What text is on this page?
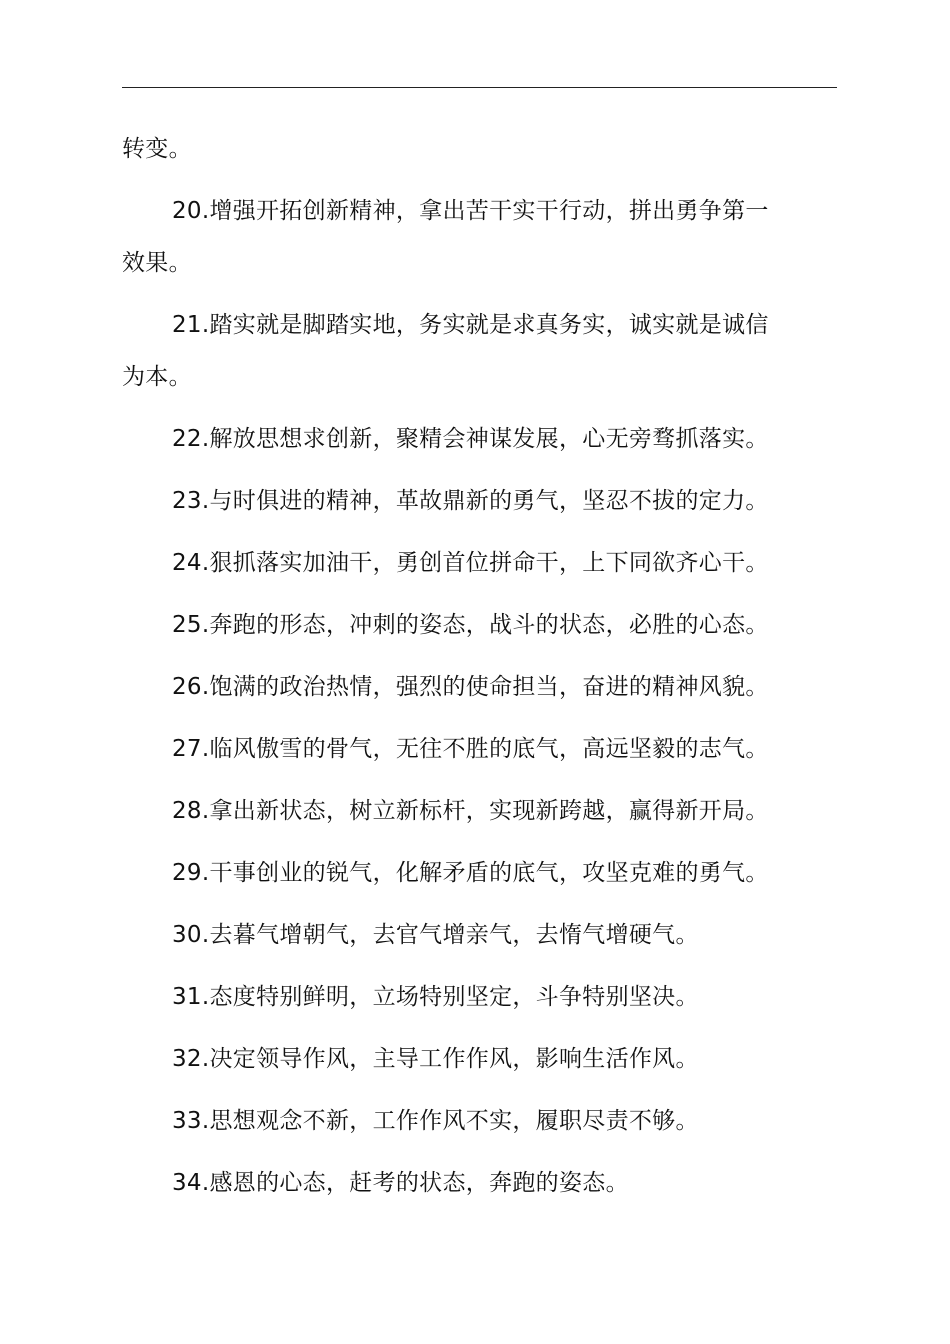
转变。
20.增强开拓创新精神，拿出苦干实干行动，拼出勇争第一
效果。
21.踏实就是脚踏实地，务实就是求真务实，诚实就是诚信
为本。
22.解放思想求创新，聚精会神谋发展，心无旁骛抓落实。
23.与时俱进的精神，革故鼎新的勇气，坚忍不拔的定力。
24.狠抓落实加油干，勇创首位拼命干，上下同欲齐心干。
25.奔跑的形态，冲刺的姿态，战斗的状态，必胜的心态。
26.饱满的政治热情，强烈的使命担当，奋进的精神风貌。
27.临风傲雪的骨气，无往不胜的底气，高远坚毅的志气。
28.拿出新状态，树立新标杆，实现新跨越，赢得新开局。
29.干事创业的锐气，化解矛盾的底气，攻坚克难的勇气。
30.去暮气增朝气，去官气增亲气，去惰气增硬气。
31.态度特别鲜明，立场特别坚定，斗争特别坚决。
32.决定领导作风，主导工作作风，影响生活作风。
33.思想观念不新，工作作风不实，履职尽责不够。
34.感恩的心态，赶考的状态，奔跑的姿态。
